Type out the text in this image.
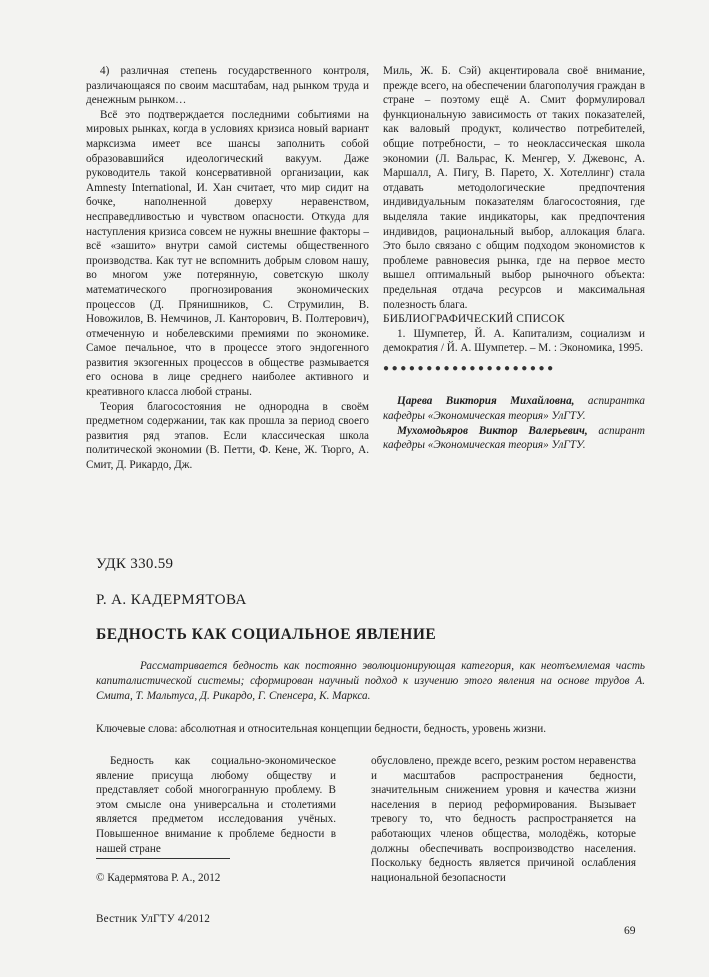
4) различная степень государственного контроля, различающаяся по своим масштабам, над рынком труда и денежным рынком…

Всё это подтверждается последними событиями на мировых рынках, когда в условиях кризиса новый вариант марксизма имеет все шансы заполнить собой образовавшийся идеологический вакуум. Даже руководитель такой консервативной организации, как Amnesty International, И. Хан считает, что мир сидит на бочке, наполненной доверху неравенством, несправедливостью и чувством опасности. Откуда для наступления кризиса совсем не нужны внешние факторы – всё «зашито» внутри самой системы общественного производства. Как тут не вспомнить добрым словом нашу, во многом уже потерянную, советскую школу математического прогнозирования экономических процессов (Д. Прянишников, С. Струмилин, В. Новожилов, В. Немчинов, Л. Канторович, В. Полтерович), отмеченную и нобелевскими премиями по экономике. Самое печальное, что в процессе этого эндогенного развития экзогенных процессов в обществе размывается его основа в лице среднего наиболее активного и креативного класса любой страны.

Теория благосостояния не однородна в своём предметном содержании, так как прошла за период своего развития ряд этапов. Если классическая школа политической экономии (В. Петти, Ф. Кене, Ж. Тюрго, А. Смит, Д. Рикардо, Дж.

Миль, Ж. Б. Сэй) акцентировала своё внимание, прежде всего, на обеспечении благополучия граждан в стране – поэтому ещё А. Смит формулировал функциональную зависимость от таких показателей, как валовый продукт, количество потребителей, общие потребности, – то неоклассическая школа экономии (Л. Вальрас, К. Менгер, У. Джевонс, А. Маршалл, А. Пигу, В. Парето, Х. Хотеллинг) стала отдавать методологические предпочтения индивидуальным показателям благосостояния, где выделяла такие индикаторы, как предпочтения индивидов, рациональный выбор, аллокация блага. Это было связано с общим подходом экономистов к проблеме равновесия рынка, где на первое место вышел оптимальный выбор рыночного объекта: предельная отдача ресурсов и максимальная полезность блага.

БИБЛИОГРАФИЧЕСКИЙ СПИСОК

1. Шумпетер, Й. А. Капитализм, социализм и демократия / Й. А. Шумпетер. – М. : Экономика, 1995.

●●●●●●●●●●●●●●●●●●●●

Царева Виктория Михайловна, аспирантка кафедры «Экономическая теория» УлГТУ.

Мухомодьяров Виктор Валерьевич, аспирант кафедры «Экономическая теория» УлГТУ.

УДК 330.59
Р. А. КАДЕРМЯТОВА
БЕДНОСТЬ КАК СОЦИАЛЬНОЕ ЯВЛЕНИЕ

Рассматривается бедность как постоянно эволюционирующая категория, как неотъемлемая часть капиталистической системы; сформирован научный подход к изучению этого явления на основе трудов А. Смита, Т. Мальтуса, Д. Рикардо, Г. Спенсера, К. Маркса.

Ключевые слова: абсолютная и относительная концепции бедности, бедность, уровень жизни.

Бедность как социально-экономическое явление присуща любому обществу и представляет собой многогранную проблему. В этом смысле она универсальна и столетиями является предметом исследования учёных. Повышенное внимание к проблеме бедности в нашей стране

обусловлено, прежде всего, резким ростом неравенства и масштабов распространения бедности, значительным снижением уровня и качества жизни населения в период реформирования. Вызывает тревогу то, что бедность распространяется на работающих членов общества, молодёжь, которые должны обеспечивать воспроизводство населения. Поскольку бедность является причиной ослабления национальной безопасности

© Кадермятова Р. А., 2012
Вестник УлГТУ 4/2012
69
